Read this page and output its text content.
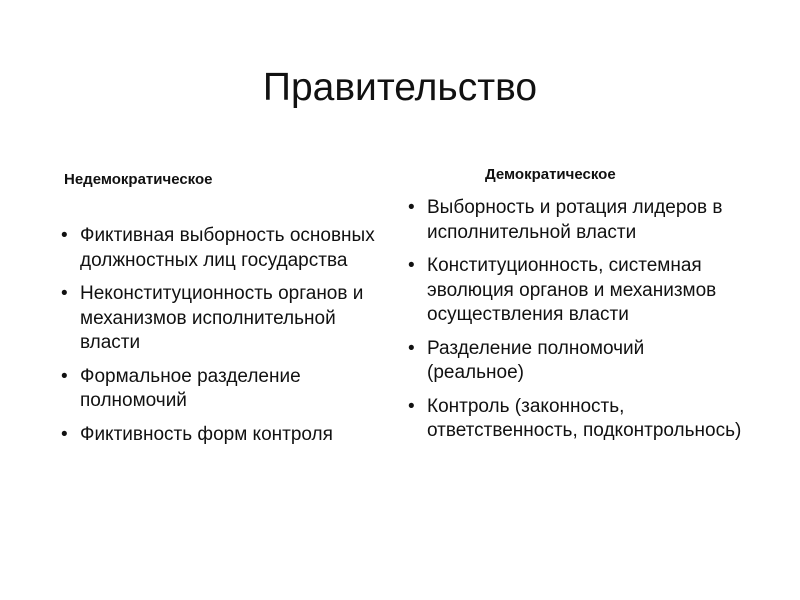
Правительство
Недемократическое
• Фиктивная выборность основных должностных лиц государства
• Неконституционность органов и механизмов исполнительной власти
• Формальное разделение полномочий
• Фиктивность форм контроля
Демократическое
• Выборность и ротация лидеров в исполнительной власти
• Конституционность, системная эволюция органов и механизмов осуществления власти
• Разделение полномочий (реальное)
• Контроль (законность, ответственность, подконтрольнось)
